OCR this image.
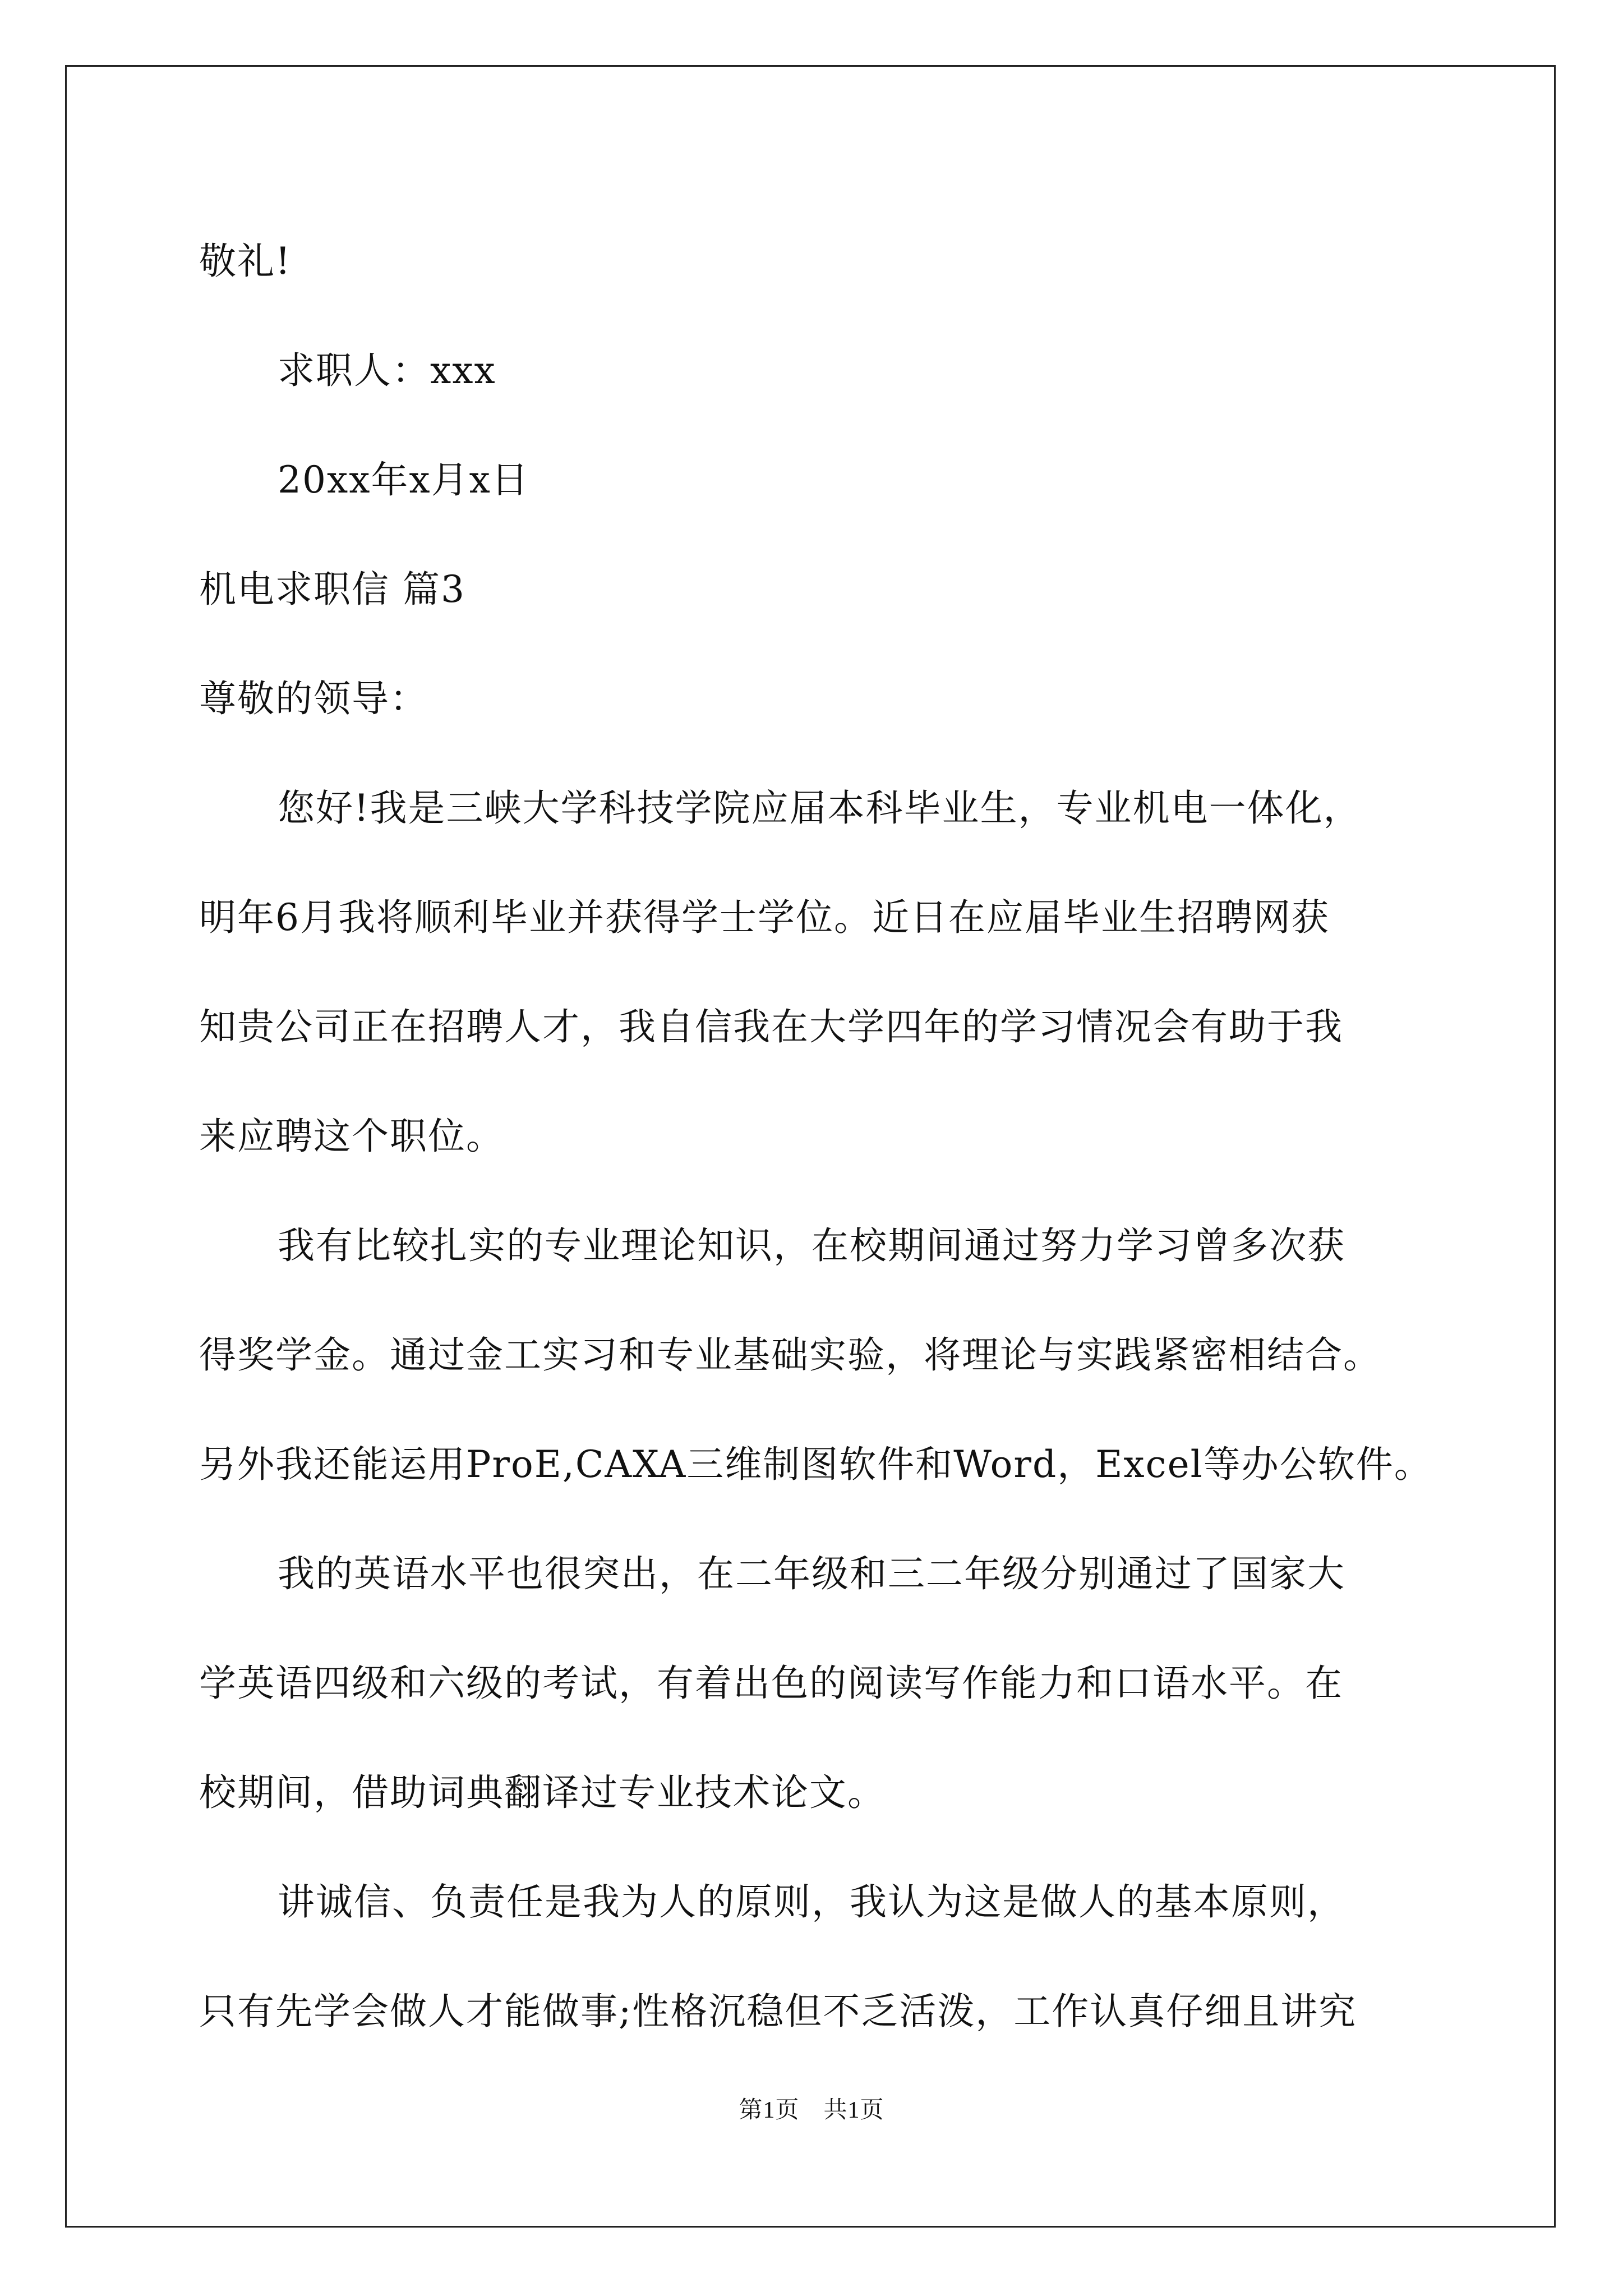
敬礼!
求职人：xxx
20xx年x月x日
机电求职信 篇3
尊敬的领导：
您好!我是三峡大学科技学院应届本科毕业生，专业机电一体化，
明年6月我将顺利毕业并获得学士学位。近日在应届毕业生招聘网获
知贵公司正在招聘人才，我自信我在大学四年的学习情况会有助于我
来应聘这个职位。
我有比较扎实的专业理论知识，在校期间通过努力学习曾多次获
得奖学金。通过金工实习和专业基础实验，将理论与实践紧密相结合。
另外我还能运用ProE,CAXA三维制图软件和Word，Excel等办公软件。
我的英语水平也很突出，在二年级和三二年级分别通过了国家大
学英语四级和六级的考试，有着出色的阅读写作能力和口语水平。在
校期间，借助词典翻译过专业技术论文。
讲诚信、负责任是我为人的原则，我认为这是做人的基本原则，
只有先学会做人才能做事;性格沉稳但不乏活泼，工作认真仔细且讲究
第1页　共1页
